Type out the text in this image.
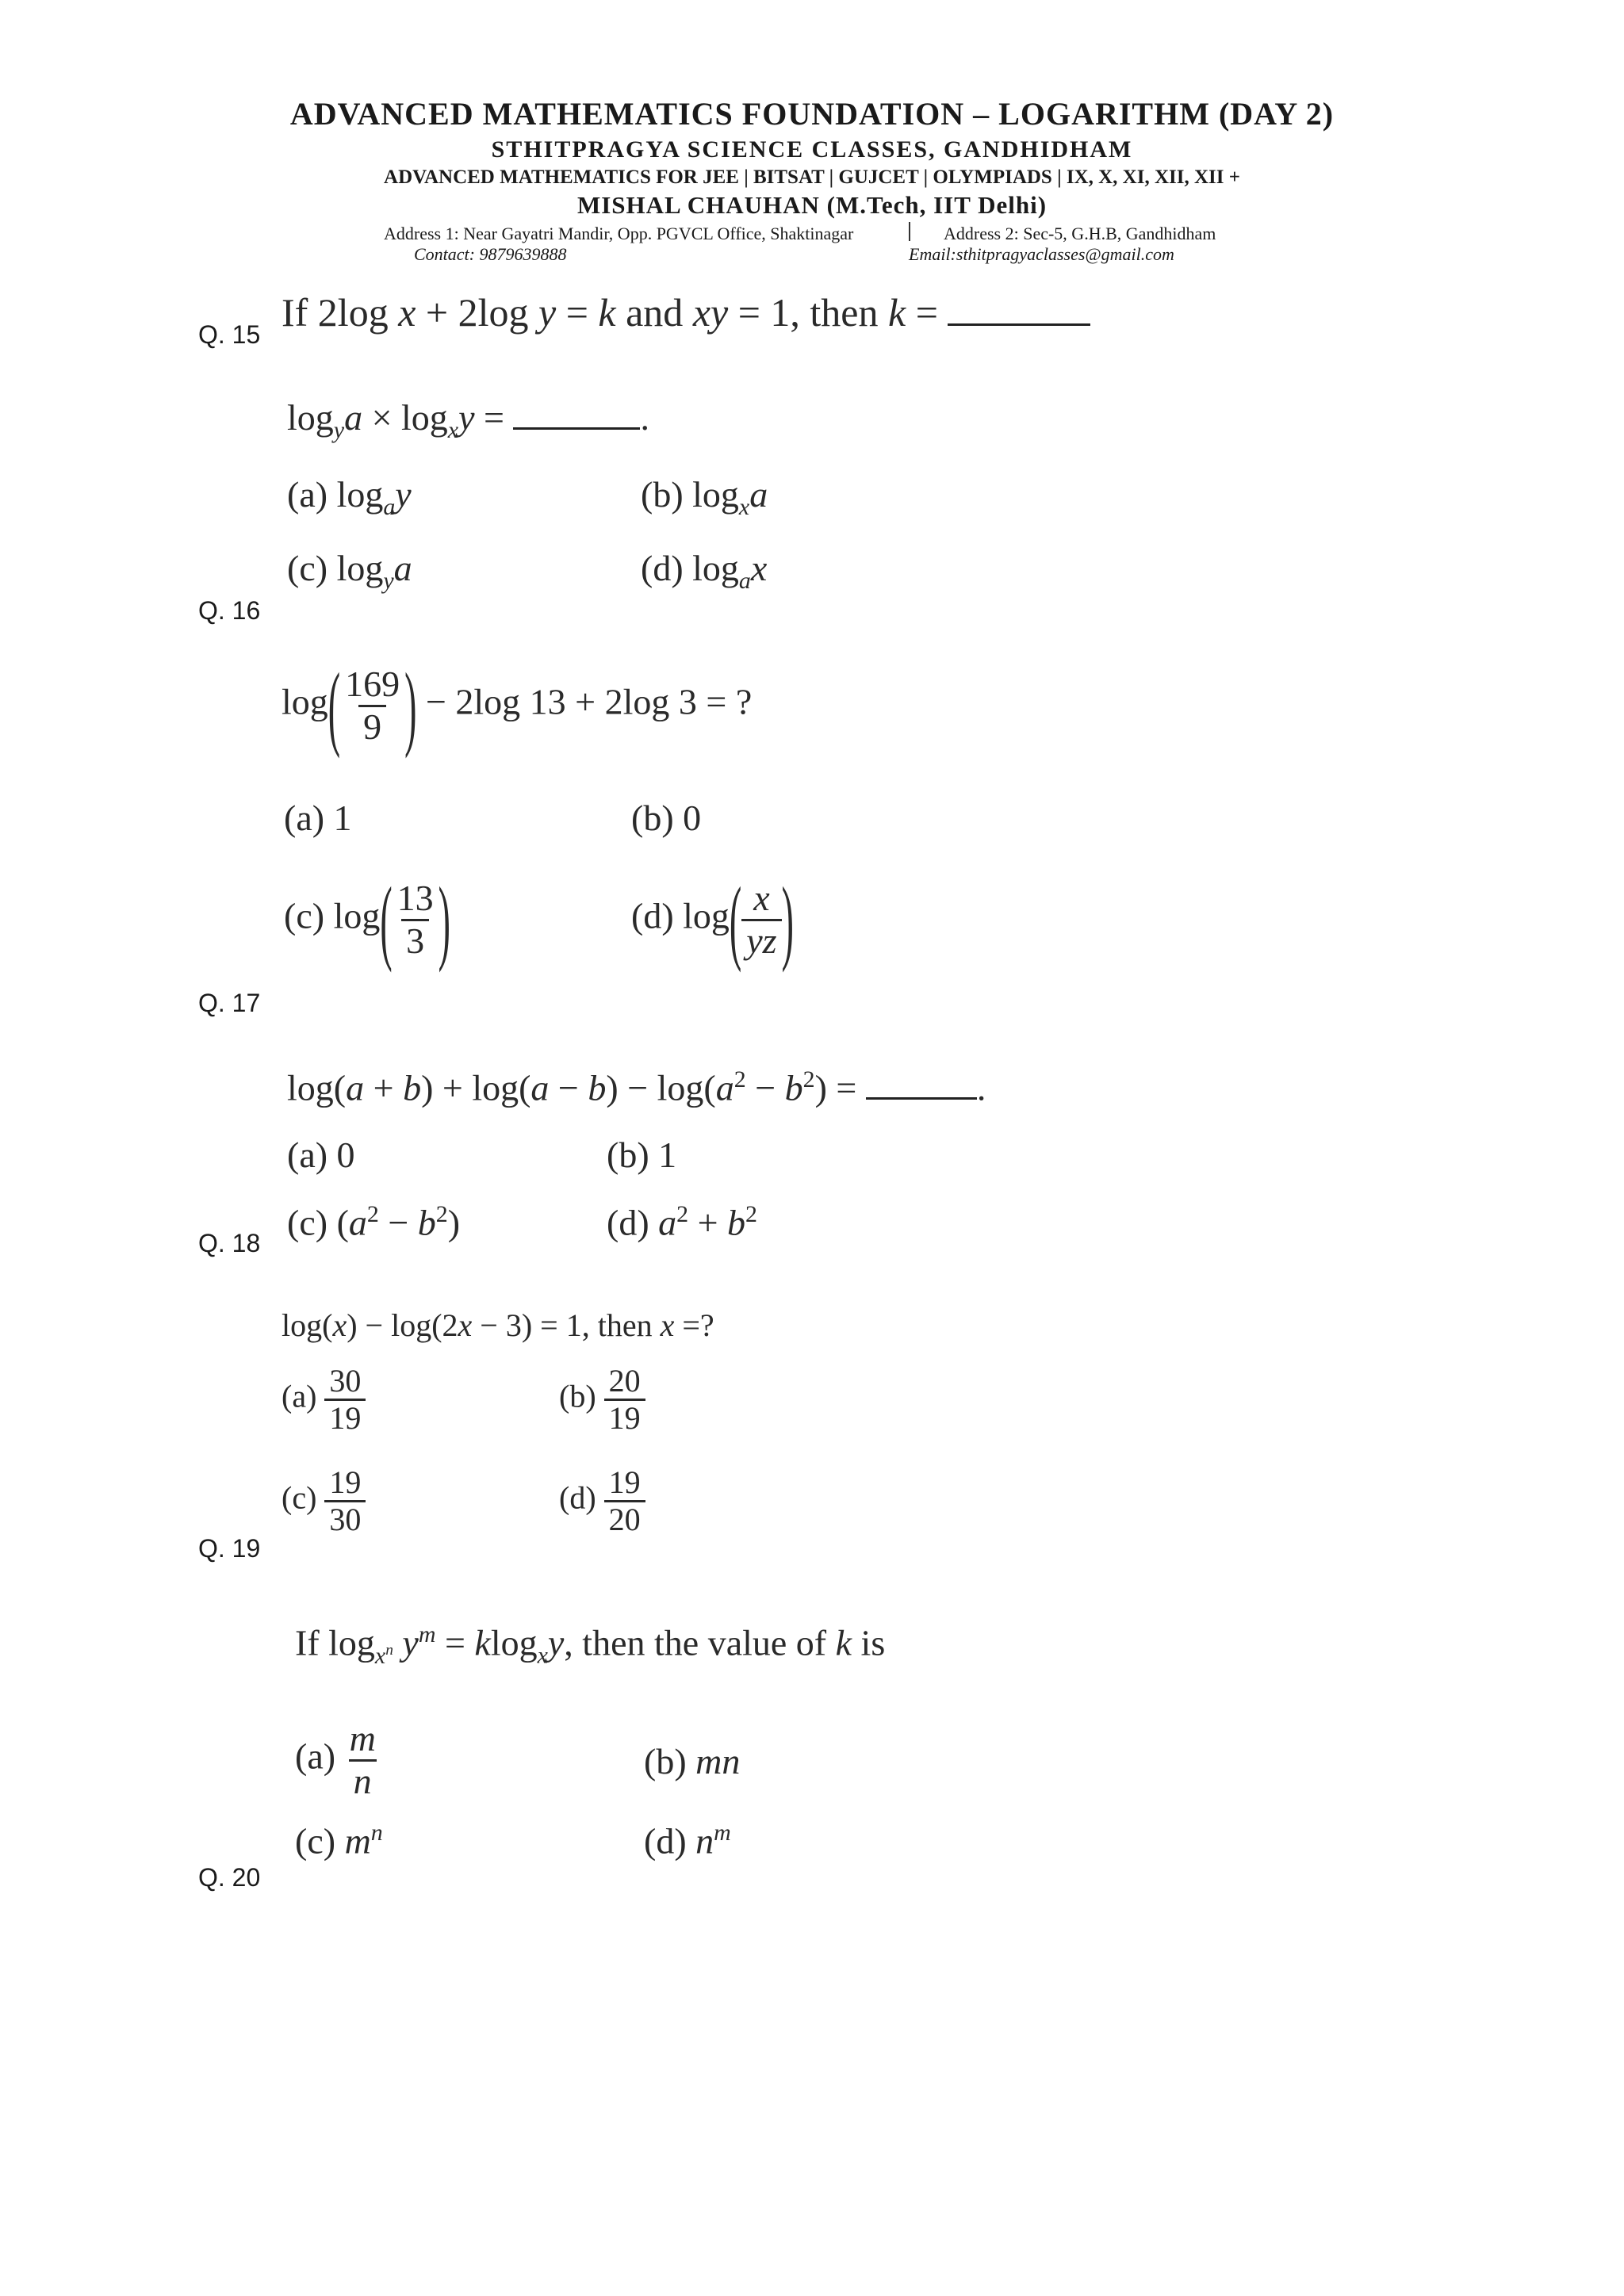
ADVANCED MATHEMATICS FOUNDATION – LOGARITHM (DAY 2)
STHITPRAGYA SCIENCE CLASSES, GANDHIDHAM
ADVANCED MATHEMATICS FOR JEE | BITSAT | GUJCET | OLYMPIADS | IX, X, XI, XII, XII +
MISHAL CHAUHAN (M.Tech, IIT Delhi)
Address 1: Near Gayatri Mandir, Opp. PGVCL Office, Shaktinagar	Address 2: Sec-5, G.H.B, Gandhidham
Contact: 9879639888	Email:sthitpragyaclasses@gmail.com
If 2log x + 2log y = k and xy = 1, then k =
Q. 15
$\log_ya \times \log_xy$ =	.
(a) $\log_ay$	(b) $\log_xa$
(c) $\log_ya$	(d) $\log_ax$
Q. 16
$\log( \frac{169}{9}$ ) − 2log 13 + 2log 3 = ?
(a) 1	(b) 0
(c) $\log( \frac{13}{3}$ )	(d) $\log( \frac{x}{yz}$ )
Q. 17
$\log(a + b) + \log(a - b) - \log(a^2 - b^2)$ =	.
(a) 0	(b) 1
(c) $(a^2 - b^2)$	(d) $a^2 + b^2$
Q. 18
log(x) − log(2x − 3) = 1, then x =?
$(a) \frac{30}{19}$	$(b) \frac{20}{19}$
$(c) \frac{19}{30}$	$(d) \frac{19}{20}$
Q. 19
If $\log_{x^n} y^m = klog_xy$, then the value of k is
$(a) \frac{m}{n}$	(b) mn
(c) $m^n$	(d) $n^m$
Q. 20
